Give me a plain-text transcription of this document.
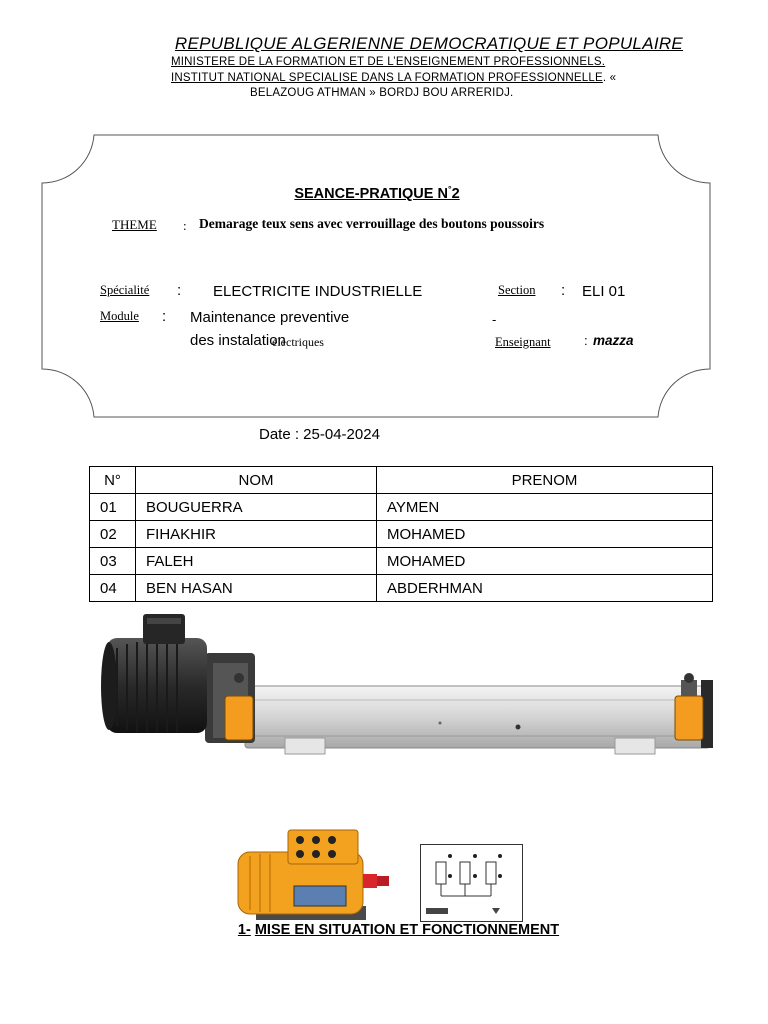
REPUBLIQUE ALGERIENNE DEMOCRATIQUE ET POPULAIRE
MINISTERE DE LA FORMATION ET DE L’ENSEIGNEMENT PROFESSIONNELS.
INSTITUT NATIONAL SPECIALISE DANS LA FORMATION PROFESSIONNELLE. «
BELAZOUG ATHMAN » BORDJ BOU ARRERIDJ.
SEANCE-PRATIQUE N°2
THEME : Demarage teux sens avec verrouillage des boutons poussoirs
Spécialité : ELECTRICITE INDUSTRIELLE	Section : ELI 01
Module : Maintenance preventive
des instalation
électriques
-
Enseignant	: mazza
Date : 25-04-2024
N°	NOM	PRENOM
01	BOUGUERRA	AYMEN
02	FIHAKHIR	MOHAMED
03	FALEH	MOHAMED
04	BEN HASAN	ABDERHMAN
1- MISE EN SITUATION ET FONCTIONNEMENT
